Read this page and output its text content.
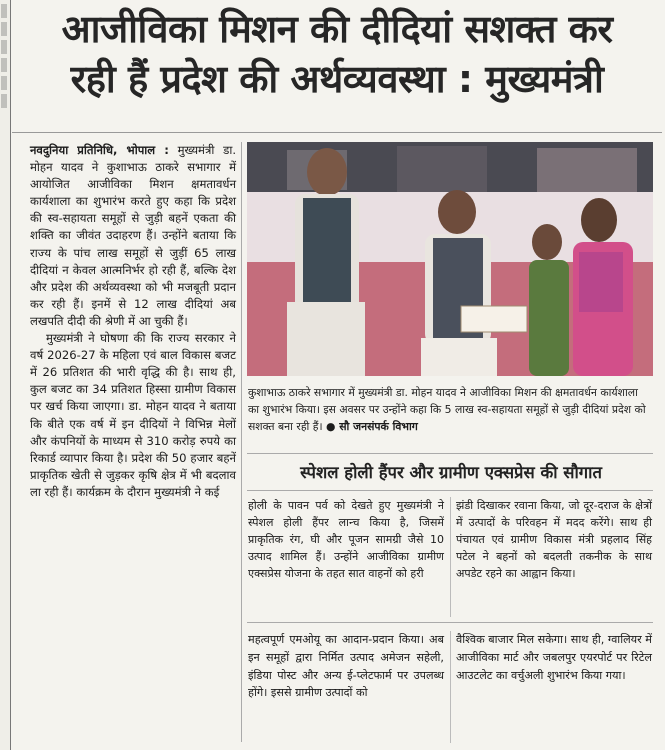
आजीविका मिशन की दीदियां सशक्त कर
रही हैं प्रदेश की अर्थव्यवस्था : मुख्यमंत्री

नवदुनिया प्रतिनिधि, भोपाल : मुख्यमंत्री डा. मोहन यादव ने कुशाभाऊ ठाकरे सभागार में आयोजित आजीविका मिशन क्षमतावर्धन कार्यशाला का शुभारंभ करते हुए कहा कि प्रदेश की स्व-सहायता समूहों से जुड़ी बहनें एकता की शक्ति का जीवंत उदाहरण हैं। उन्होंने बताया कि राज्य के पांच लाख समूहों से जुड़ीं 65 लाख दीदियां न केवल आत्मनिर्भर हो रही हैं, बल्कि देश और प्रदेश की अर्थव्यवस्था को भी मजबूती प्रदान कर रही हैं। इनमें से 12 लाख दीदियां अब लखपति दीदी की श्रेणी में आ चुकी हैं।

मुख्यमंत्री ने घोषणा की कि राज्य सरकार ने वर्ष 2026-27 के महिला एवं बाल विकास बजट में 26 प्रतिशत की भारी वृद्धि की है। साथ ही, कुल बजट का 34 प्रतिशत हिस्सा ग्रामीण विकास पर खर्च किया जाएगा। डा. मोहन यादव ने बताया कि बीते एक वर्ष में इन दीदियों ने विभिन्न मेलों और कंपनियों के माध्यम से 310 करोड़ रुपये का रिकार्ड व्यापार किया है। प्रदेश की 50 हजार बहनें प्राकृतिक खेती से जुड़कर कृषि क्षेत्र में भी बदलाव ला रही हैं। कार्यक्रम के दौरान मुख्यमंत्री ने कई

कुशाभाऊ ठाकरे सभागार में मुख्यमंत्री डा. मोहन यादव ने आजीविका मिशन की क्षमतावर्धन कार्यशाला का शुभारंभ किया। इस अवसर पर उन्होंने कहा कि 5 लाख स्व-सहायता समूहों से जुड़ी दीदियां प्रदेश को सशक्त बना रही हैं। ● सौ जनसंपर्क विभाग
स्पेशल होली हैंपर और ग्रामीण एक्सप्रेस की सौगात

होली के पावन पर्व को देखते हुए मुख्यमंत्री ने स्पेशल होली हैंपर लान्च किया है, जिसमें प्राकृतिक रंग, घी और पूजन सामग्री जैसे 10 उत्पाद शामिल हैं। उन्होंने आजीविका ग्रामीण एक्सप्रेस योजना के तहत सात वाहनों को हरी

झंडी दिखाकर रवाना किया, जो दूर-दराज के क्षेत्रों में उत्पादों के परिवहन में मदद करेंगे। साथ ही पंचायत एवं ग्रामीण विकास मंत्री प्रहलाद सिंह पटेल ने बहनों को बदलती तकनीक के साथ अपडेट रहने का आह्वान किया।

महत्वपूर्ण एमओयू का आदान-प्रदान किया। अब इन समूहों द्वारा निर्मित उत्पाद अमेजन सहेली, इंडिया पोस्ट और अन्य ई-प्लेटफार्म पर उपलब्ध होंगे। इससे ग्रामीण उत्पादों को

वैश्विक बाजार मिल सकेगा। साथ ही, ग्वालियर में आजीविका मार्ट और जबलपुर एयरपोर्ट पर रिटेल आउटलेट का वर्चुअली शुभारंभ किया गया।
